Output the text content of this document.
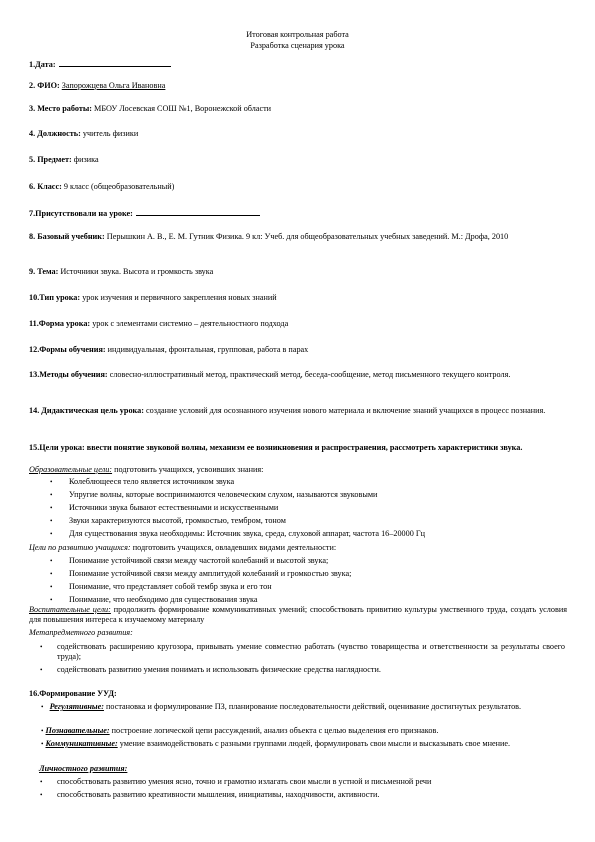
Итоговая контрольная работа
Разработка сценария урока
1.Дата:
2. ФИО: Запорожцева Ольга Ивановна
3. Место работы: МБОУ Лосевская СОШ №1, Воронежской области
4. Должность: учитель физики
5. Предмет: физика
6. Класс: 9 класс (общеобразовательный)
7.Присутствовали на уроке:
8. Базовый учебник: Перышкин А. В., Е. М. Гутник Физика. 9 кл: Учеб. для общеобразовательных учебных заведений. М.: Дрофа, 2010
9. Тема: Источники звука. Высота и громкость звука
10.Тип урока: урок изучения и первичного закрепления новых знаний
11.Форма урока: урок с элементами системно – деятельностного подхода
12.Формы обучения: индивидуальная, фронтальная, групповая, работа в парах
13.Методы обучения: словесно-иллюстративный метод, практический метод, беседа-сообщение, метод письменного текущего контроля.
14. Дидактическая цель урока: создание условий для осознанного изучения нового материала и включение знаний учащихся в процесс познания.
15.Цели урока: ввести понятие звуковой волны, механизм ее возникновения и распространения, рассмотреть характеристики звука.
Образовательные цели: подготовить учащихся, усвоивших знания:
• Колеблющееся тело является источником звука
• Упругие волны, которые воспринимаются человеческим слухом, называются звуковыми
• Источники звука бывают естественными и искусственными
• Звуки характеризуются высотой, громкостью, тембром, тоном
• Для существования звука необходимы: Источник звука, среда, слуховой аппарат, частота 16–20000 Гц
Цели по развитию учащихся: подготовить учащихся, овладевших видами деятельности:
• Понимание устойчивой связи между частотой колебаний и высотой звука;
• Понимание устойчивой связи между амплитудой колебаний и громкостью звука;
• Понимание, что представляет собой тембр звука и его тон
• Понимание, что необходимо для существования звука
Воспитательные цели: продолжить формирование коммуникативных умений; способствовать привитию культуры умственного труда, создать условия для повышения интереса к изучаемому материалу
Метапредметного развития:
• содействовать расширению кругозора, привывать умение совместно работать (чувство товарищества и ответственности за результаты своего труда);
• содействовать развитию умения понимать и использовать физические средства наглядности.
16.Формирование УУД:
• Регулятивные: постановка и формулирование ПЗ, планирование последовательности действий, оценивание достигнутых результатов.
• Познавательные: построение логической цепи рассуждений, анализ объекта с целью выделения его признаков.
• Коммуникативные: умение взаимодействовать с разными группами людей, формулировать свои мысли и высказывать свое мнение.
Личностного развития:
• способствовать развитию умения ясно, точно и грамотно излагать свои мысли в устной и письменной речи
• способствовать развитию креативности мышления, инициативы, находчивости, активности.
